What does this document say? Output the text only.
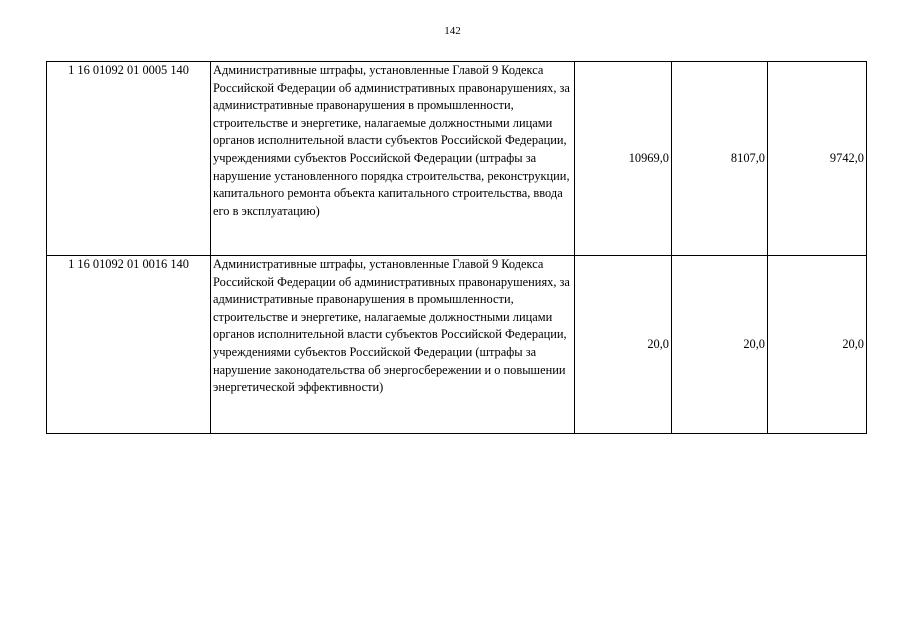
142
1 16 01092 01 0005 140	Административные штрафы, установленные Главой 9 Кодекса Российской Федерации об административных правонарушениях, за административные правонарушения в промышленности, строительстве и энергетике, налагаемые должностными лицами органов исполнительной власти субъектов Российской Федерации, учреждениями субъектов Российской Федерации (штрафы за нарушение установленного порядка строительства, реконструкции, капитального ремонта объекта капитального строительства, ввода его в эксплуатацию)	10969,0	8107,0	9742,0
1 16 01092 01 0016 140	Административные штрафы, установленные Главой 9 Кодекса Российской Федерации об административных правонарушениях, за административные правонарушения в промышленности, строительстве и энергетике, налагаемые должностными лицами органов исполнительной власти субъектов Российской Федерации, учреждениями субъектов Российской Федерации (штрафы за нарушение законодательства об энергосбережении и о повышении энергетической эффективности)	20,0	20,0	20,0
